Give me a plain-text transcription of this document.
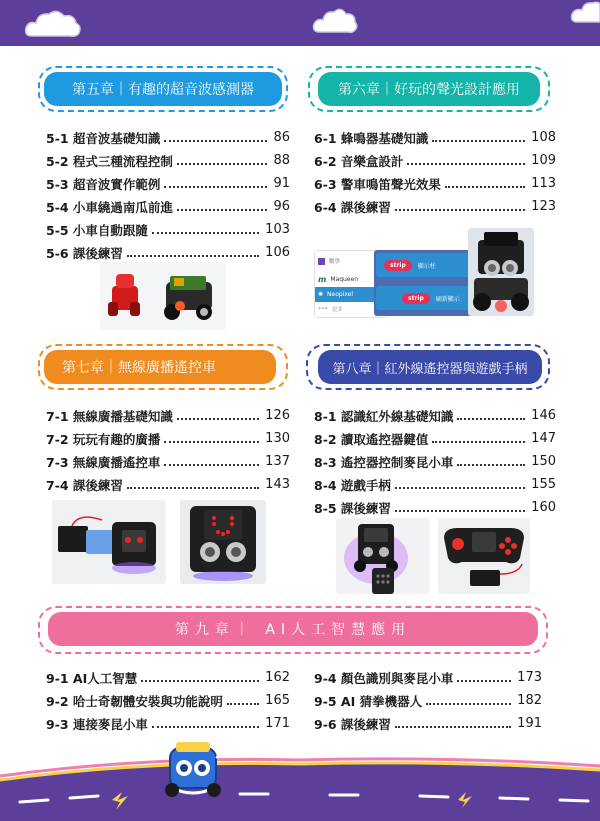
第五章｜有趣的超音波感測器
5-1 超音波基礎知識	86
5-2 程式三種流程控制	88
5-3 超音波實作範例	91
5-4 小車繞過南瓜前進	96
5-5 小車自動跟隨	103
5-6 課後練習	106
第六章｜好玩的聲光設計應用
6-1 蜂鳴器基礎知識	108
6-2 音樂盒設計	109
6-3 警車鳴笛聲光效果	113
6-4 課後練習	123
數學
m Maqueen
✺ Neopixel
••• 更多
strip	顯示柱
strip	刷新顯示
第七章｜無線廣播遙控車
7-1 無線廣播基礎知識	126
7-2 玩玩有趣的廣播	130
7-3 無線廣播遙控車	137
7-4 課後練習	143
第八章｜紅外線遙控器與遊戲手柄
8-1 認識紅外線基礎知識	146
8-2 讀取遙控器鍵值	147
8-3 遙控器控制麥昆小車	150
8-4 遊戲手柄	155
8-5 課後練習	160
第九章｜ AI人工智慧應用
9-1 AI人工智慧	162
9-2 哈士奇韌體安裝與功能說明	165
9-3 連接麥昆小車	171
9-4 顏色識別與麥昆小車	173
9-5 AI 猜拳機器人	182
9-6 課後練習	191
